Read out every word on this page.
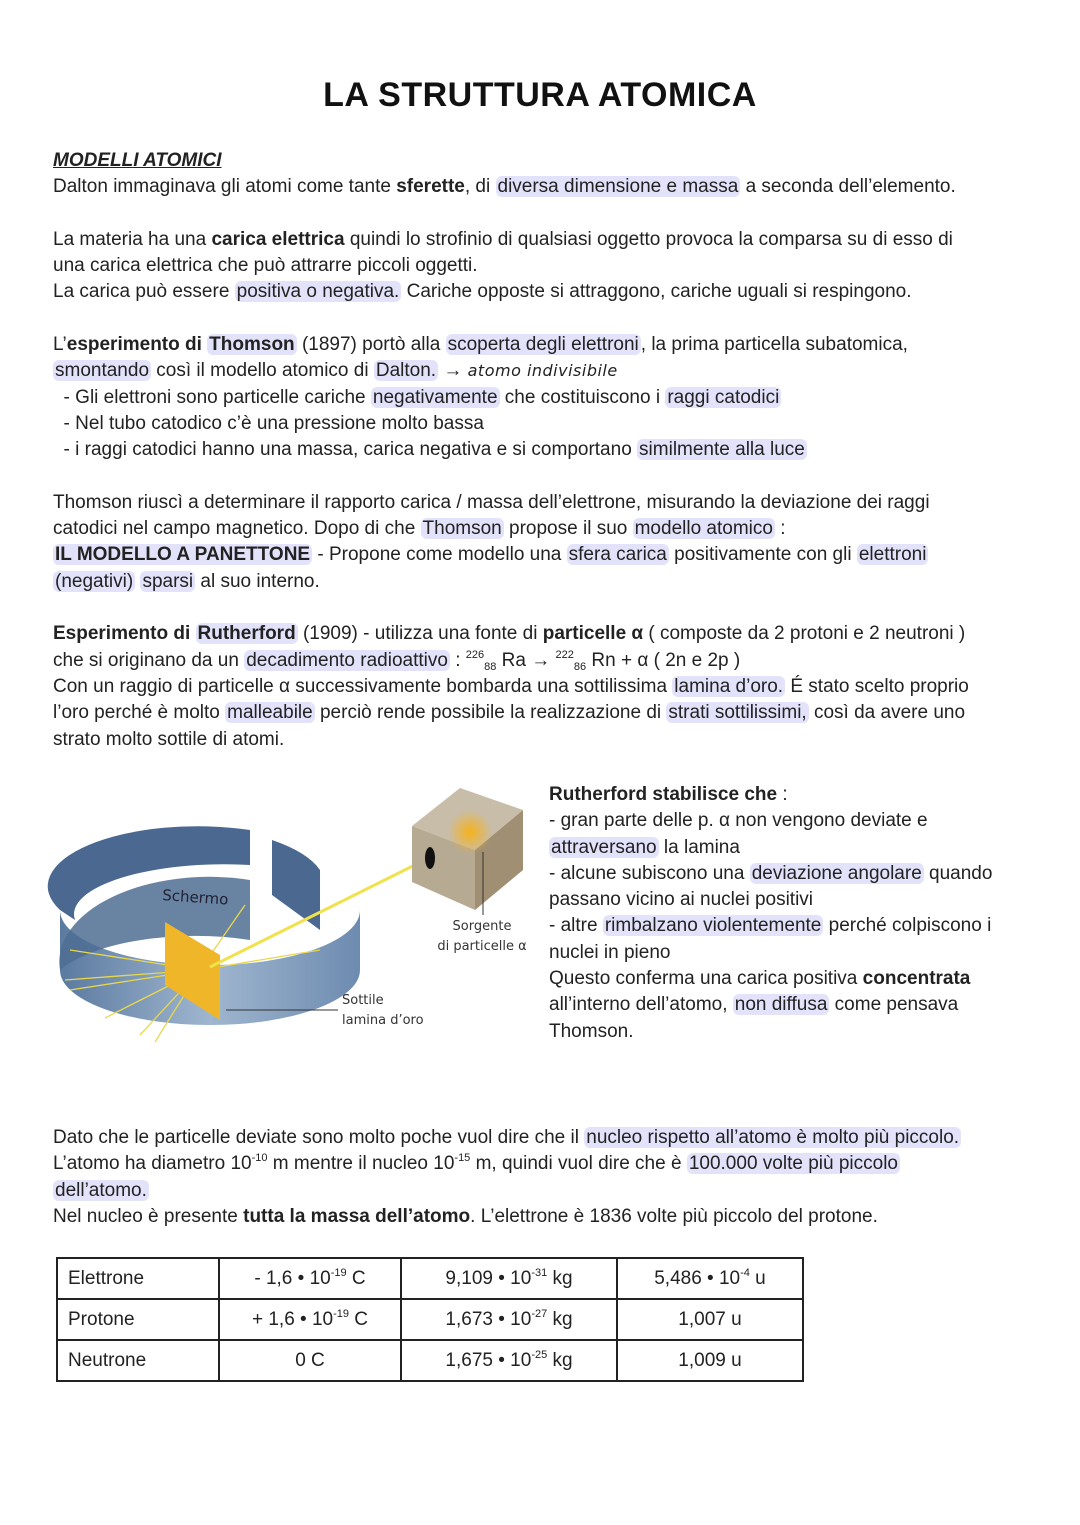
LA STRUTTURA ATOMICA
MODELLI ATOMICI
Dalton immaginava gli atomi come tante sferette, di diversa dimensione e massa a seconda dell’elemento.
La materia ha una carica elettrica quindi lo strofinio di qualsiasi oggetto provoca la comparsa su di esso di
una carica elettrica che può attrarre piccoli oggetti.
La carica può essere positiva o negativa. Cariche opposte si attraggono, cariche uguali si respingono.
L’esperimento di Thomson (1897) portò alla scoperta degli elettroni , la prima particella subatomica,
smontando così il modello atomico di Dalton. → atomo indivisibile
- Gli elettroni sono particelle cariche negativamente che costituiscono i raggi catodici
- Nel tubo catodico c’è una pressione molto bassa
- i raggi catodici hanno una massa, carica negativa e si comportano similmente alla luce
Thomson riuscì a determinare il rapporto carica / massa dell’elettrone, misurando la deviazione dei raggi
catodici nel campo magnetico. Dopo di che Thomson propose il suo modello atomico :
IL MODELLO A PANETTONE - Propone come modello una sfera carica positivamente con gli elettroni
(negativi) sparsi al suo interno.
Esperimento di Rutherford (1909) - utilizza una fonte di particelle α ( composte da 2 protoni e 2 neutroni )
che si originano da un decadimento radioattivo : $^{226}_{88}$ Ra → $^{222}_{86}$ Rn + α ( 2n e 2p )
Con un raggio di particelle α successivamente bombarda una sottilissima lamina d’oro. É stato scelto proprio
l’oro perché è molto malleabile perciò rende possibile la realizzazione di strati sottilissimi, così da avere uno
strato molto sottile di atomi.
Schermo
Sorgente
di particelle α
Sottile
lamina d’oro
Rutherford stabilisce che :
- gran parte delle p. α non vengono deviate e
attraversano la lamina
- alcune subiscono una deviazione angolare quando
passano vicino ai nuclei positivi
- altre rimbalzano violentemente perché colpiscono i
nuclei in pieno
Questo conferma una carica positiva concentrata
all’interno dell’atomo, non diffusa come pensava
Thomson.
Dato che le particelle deviate sono molto poche vuol dire che il nucleo rispetto all’atomo è molto più piccolo.
L’atomo ha diametro $10^{-10}$ m mentre il nucleo $10^{-15}$ m, quindi vuol dire che è 100.000 volte più piccolo
dell’atomo.
Nel nucleo è presente tutta la massa dell’atomo. L’elettrone è 1836 volte più piccolo del protone.
Elettrone	- 1,6 • $10^{-19}$ C	9,109 • $10^{-31}$ kg	5,486 • $10^{-4}$ u
Protone	+ 1,6 • $10^{-19}$ C	1,673 • $10^{-27}$ kg	1,007 u
Neutrone	0 C	1,675 • $10^{-25}$ kg	1,009 u
